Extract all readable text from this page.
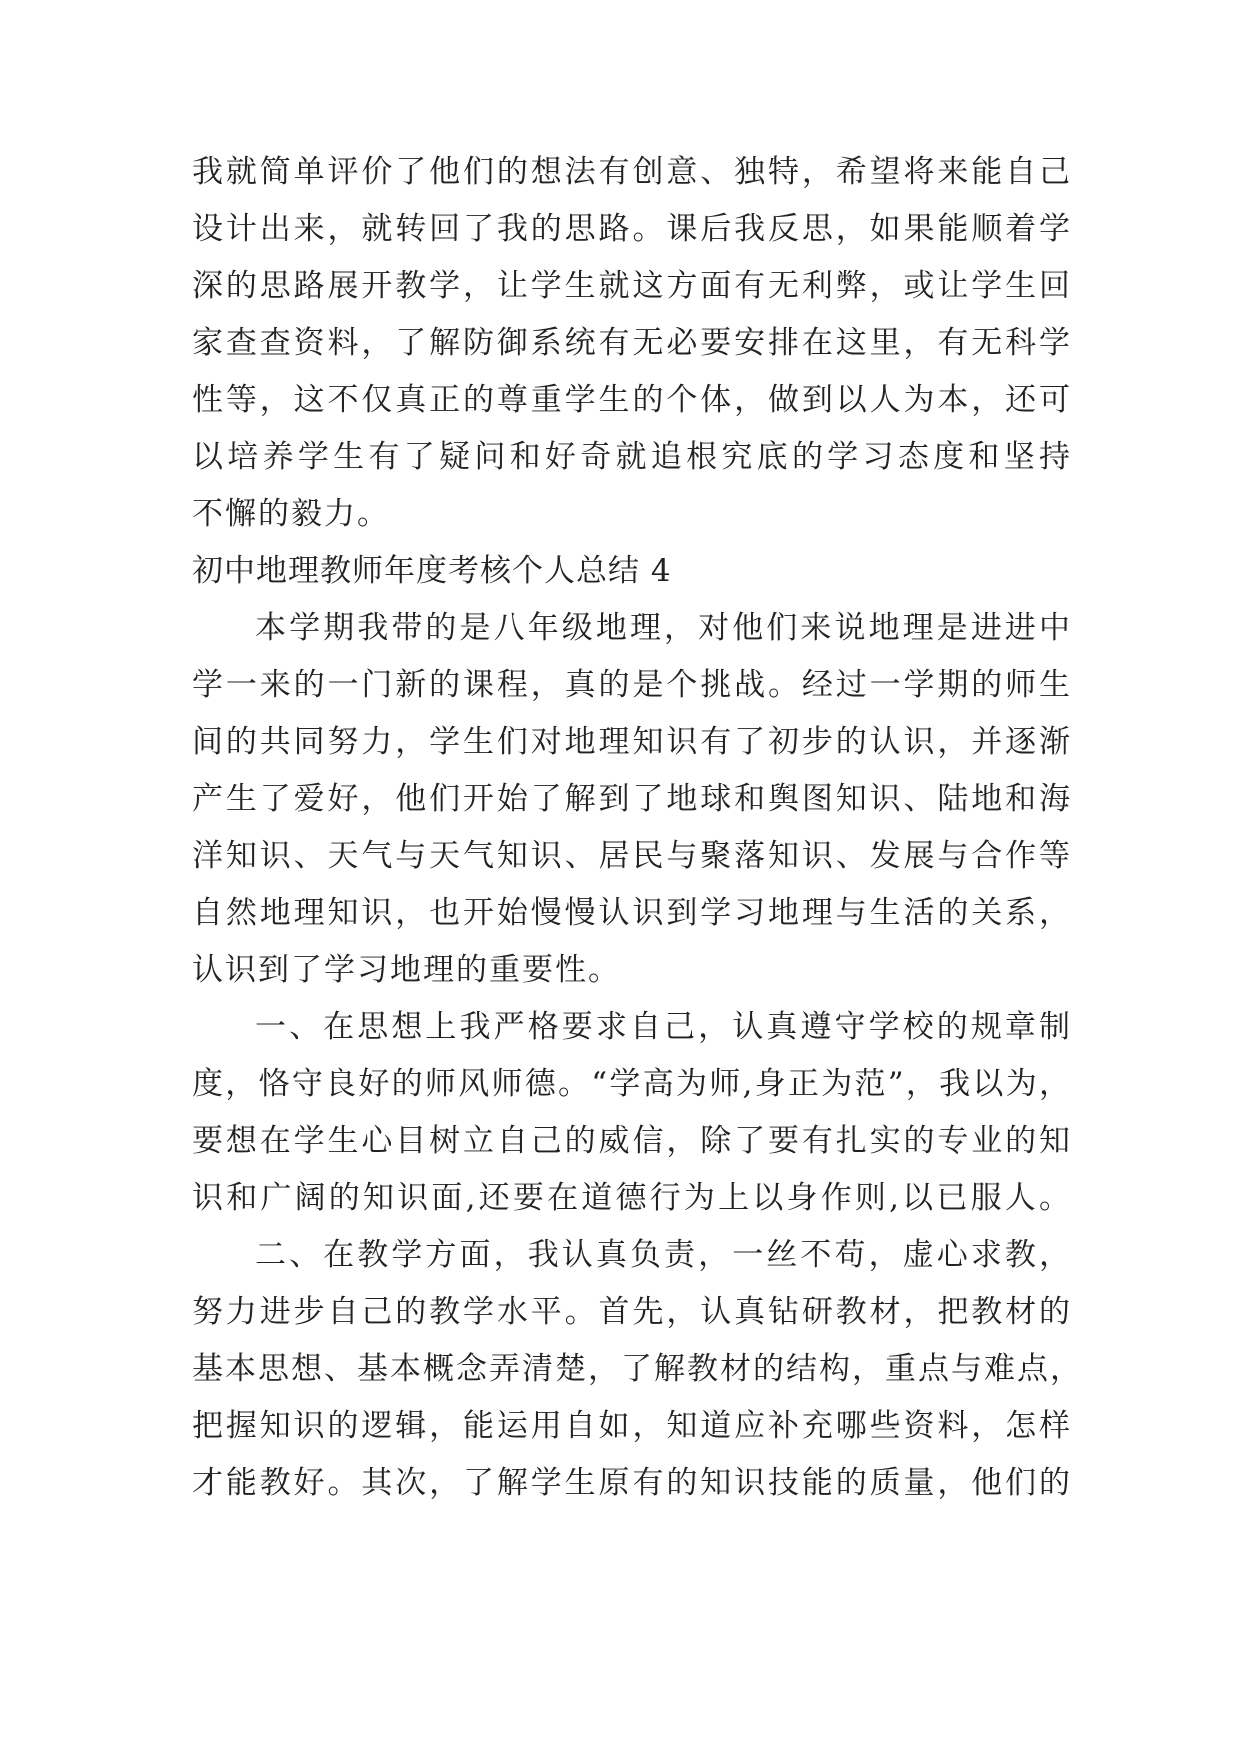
我就简单评价了他们的想法有创意、独特，希望将来能自己
设计出来，就转回了我的思路。课后我反思，如果能顺着学
深的思路展开教学，让学生就这方面有无利弊，或让学生回
家查查资料，了解防御系统有无必要安排在这里，有无科学
性等，这不仅真正的尊重学生的个体，做到以人为本，还可
以培养学生有了疑问和好奇就追根究底的学习态度和坚持
不懈的毅力。
初中地理教师年度考核个人总结 4
本学期我带的是八年级地理，对他们来说地理是进进中
学一来的一门新的课程，真的是个挑战。经过一学期的师生
间的共同努力，学生们对地理知识有了初步的认识，并逐渐
产生了爱好，他们开始了解到了地球和舆图知识、陆地和海
洋知识、天气与天气知识、居民与聚落知识、发展与合作等
自然地理知识，也开始慢慢认识到学习地理与生活的关系，
认识到了学习地理的重要性。
一、在思想上我严格要求自己，认真遵守学校的规章制
度，恪守良好的师风师德。“学高为师,身正为范”，我以为，
要想在学生心目树立自己的威信，除了要有扎实的专业的知
识和广阔的知识面,还要在道德行为上以身作则,以已服人。
二、在教学方面，我认真负责，一丝不苟，虚心求教，
努力进步自己的教学水平。首先，认真钻研教材，把教材的
基本思想、基本概念弄清楚，了解教材的结构，重点与难点，
把握知识的逻辑，能运用自如，知道应补充哪些资料，怎样
才能教好。其次，了解学生原有的知识技能的质量，他们的
